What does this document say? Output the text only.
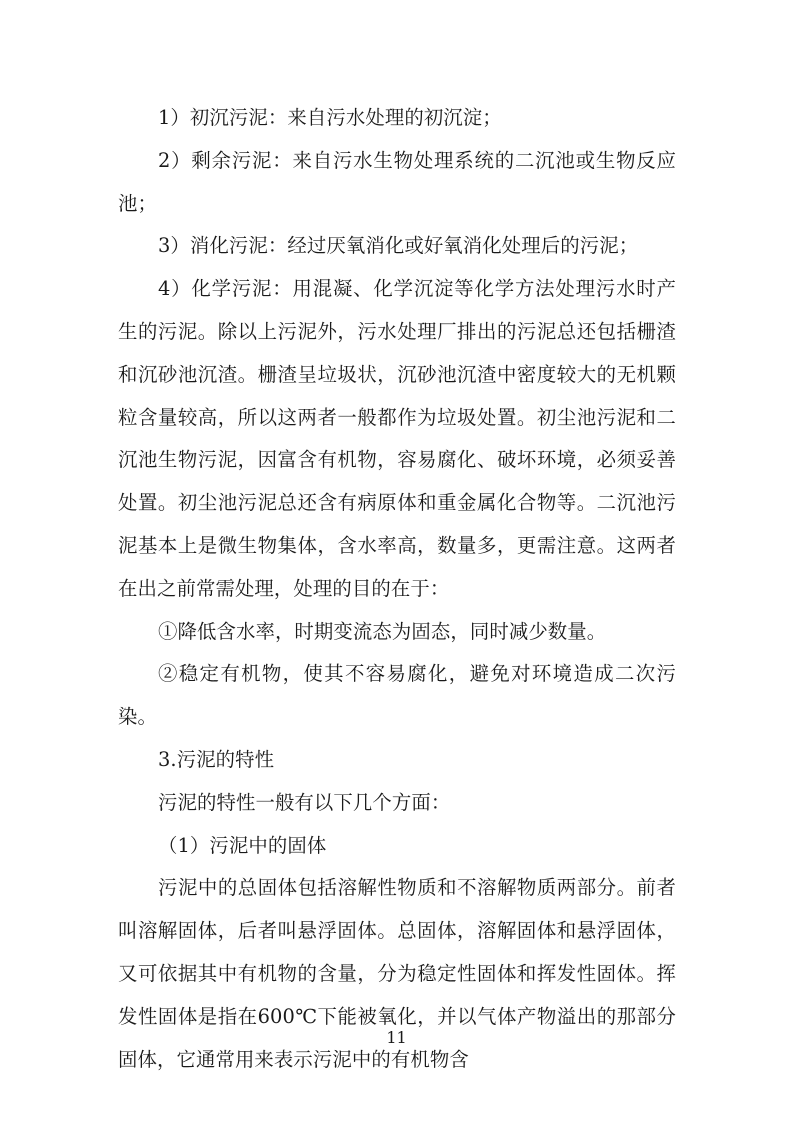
1）初沉污泥：来自污水处理的初沉淀；

2）剩余污泥：来自污水生物处理系统的二沉池或生物反应池；

3）消化污泥：经过厌氧消化或好氧消化处理后的污泥；

4）化学污泥：用混凝、化学沉淀等化学方法处理污水时产生的污泥。除以上污泥外，污水处理厂排出的污泥总还包括栅渣和沉砂池沉渣。栅渣呈垃圾状，沉砂池沉渣中密度较大的无机颗粒含量较高，所以这两者一般都作为垃圾处置。初尘池污泥和二沉池生物污泥，因富含有机物，容易腐化、破坏环境，必须妥善处置。初尘池污泥总还含有病原体和重金属化合物等。二沉池污泥基本上是微生物集体，含水率高，数量多，更需注意。这两者在出之前常需处理，处理的目的在于：

①降低含水率，时期变流态为固态，同时减少数量。

②稳定有机物，使其不容易腐化，避免对环境造成二次污染。

3.污泥的特性

污泥的特性一般有以下几个方面：

（1）污泥中的固体

污泥中的总固体包括溶解性物质和不溶解物质两部分。前者叫溶解固体，后者叫悬浮固体。总固体，溶解固体和悬浮固体，又可依据其中有机物的含量，分为稳定性固体和挥发性固体。挥发性固体是指在600℃下能被氧化，并以气体产物溢出的那部分固体，它通常用来表示污泥中的有机物含

11
